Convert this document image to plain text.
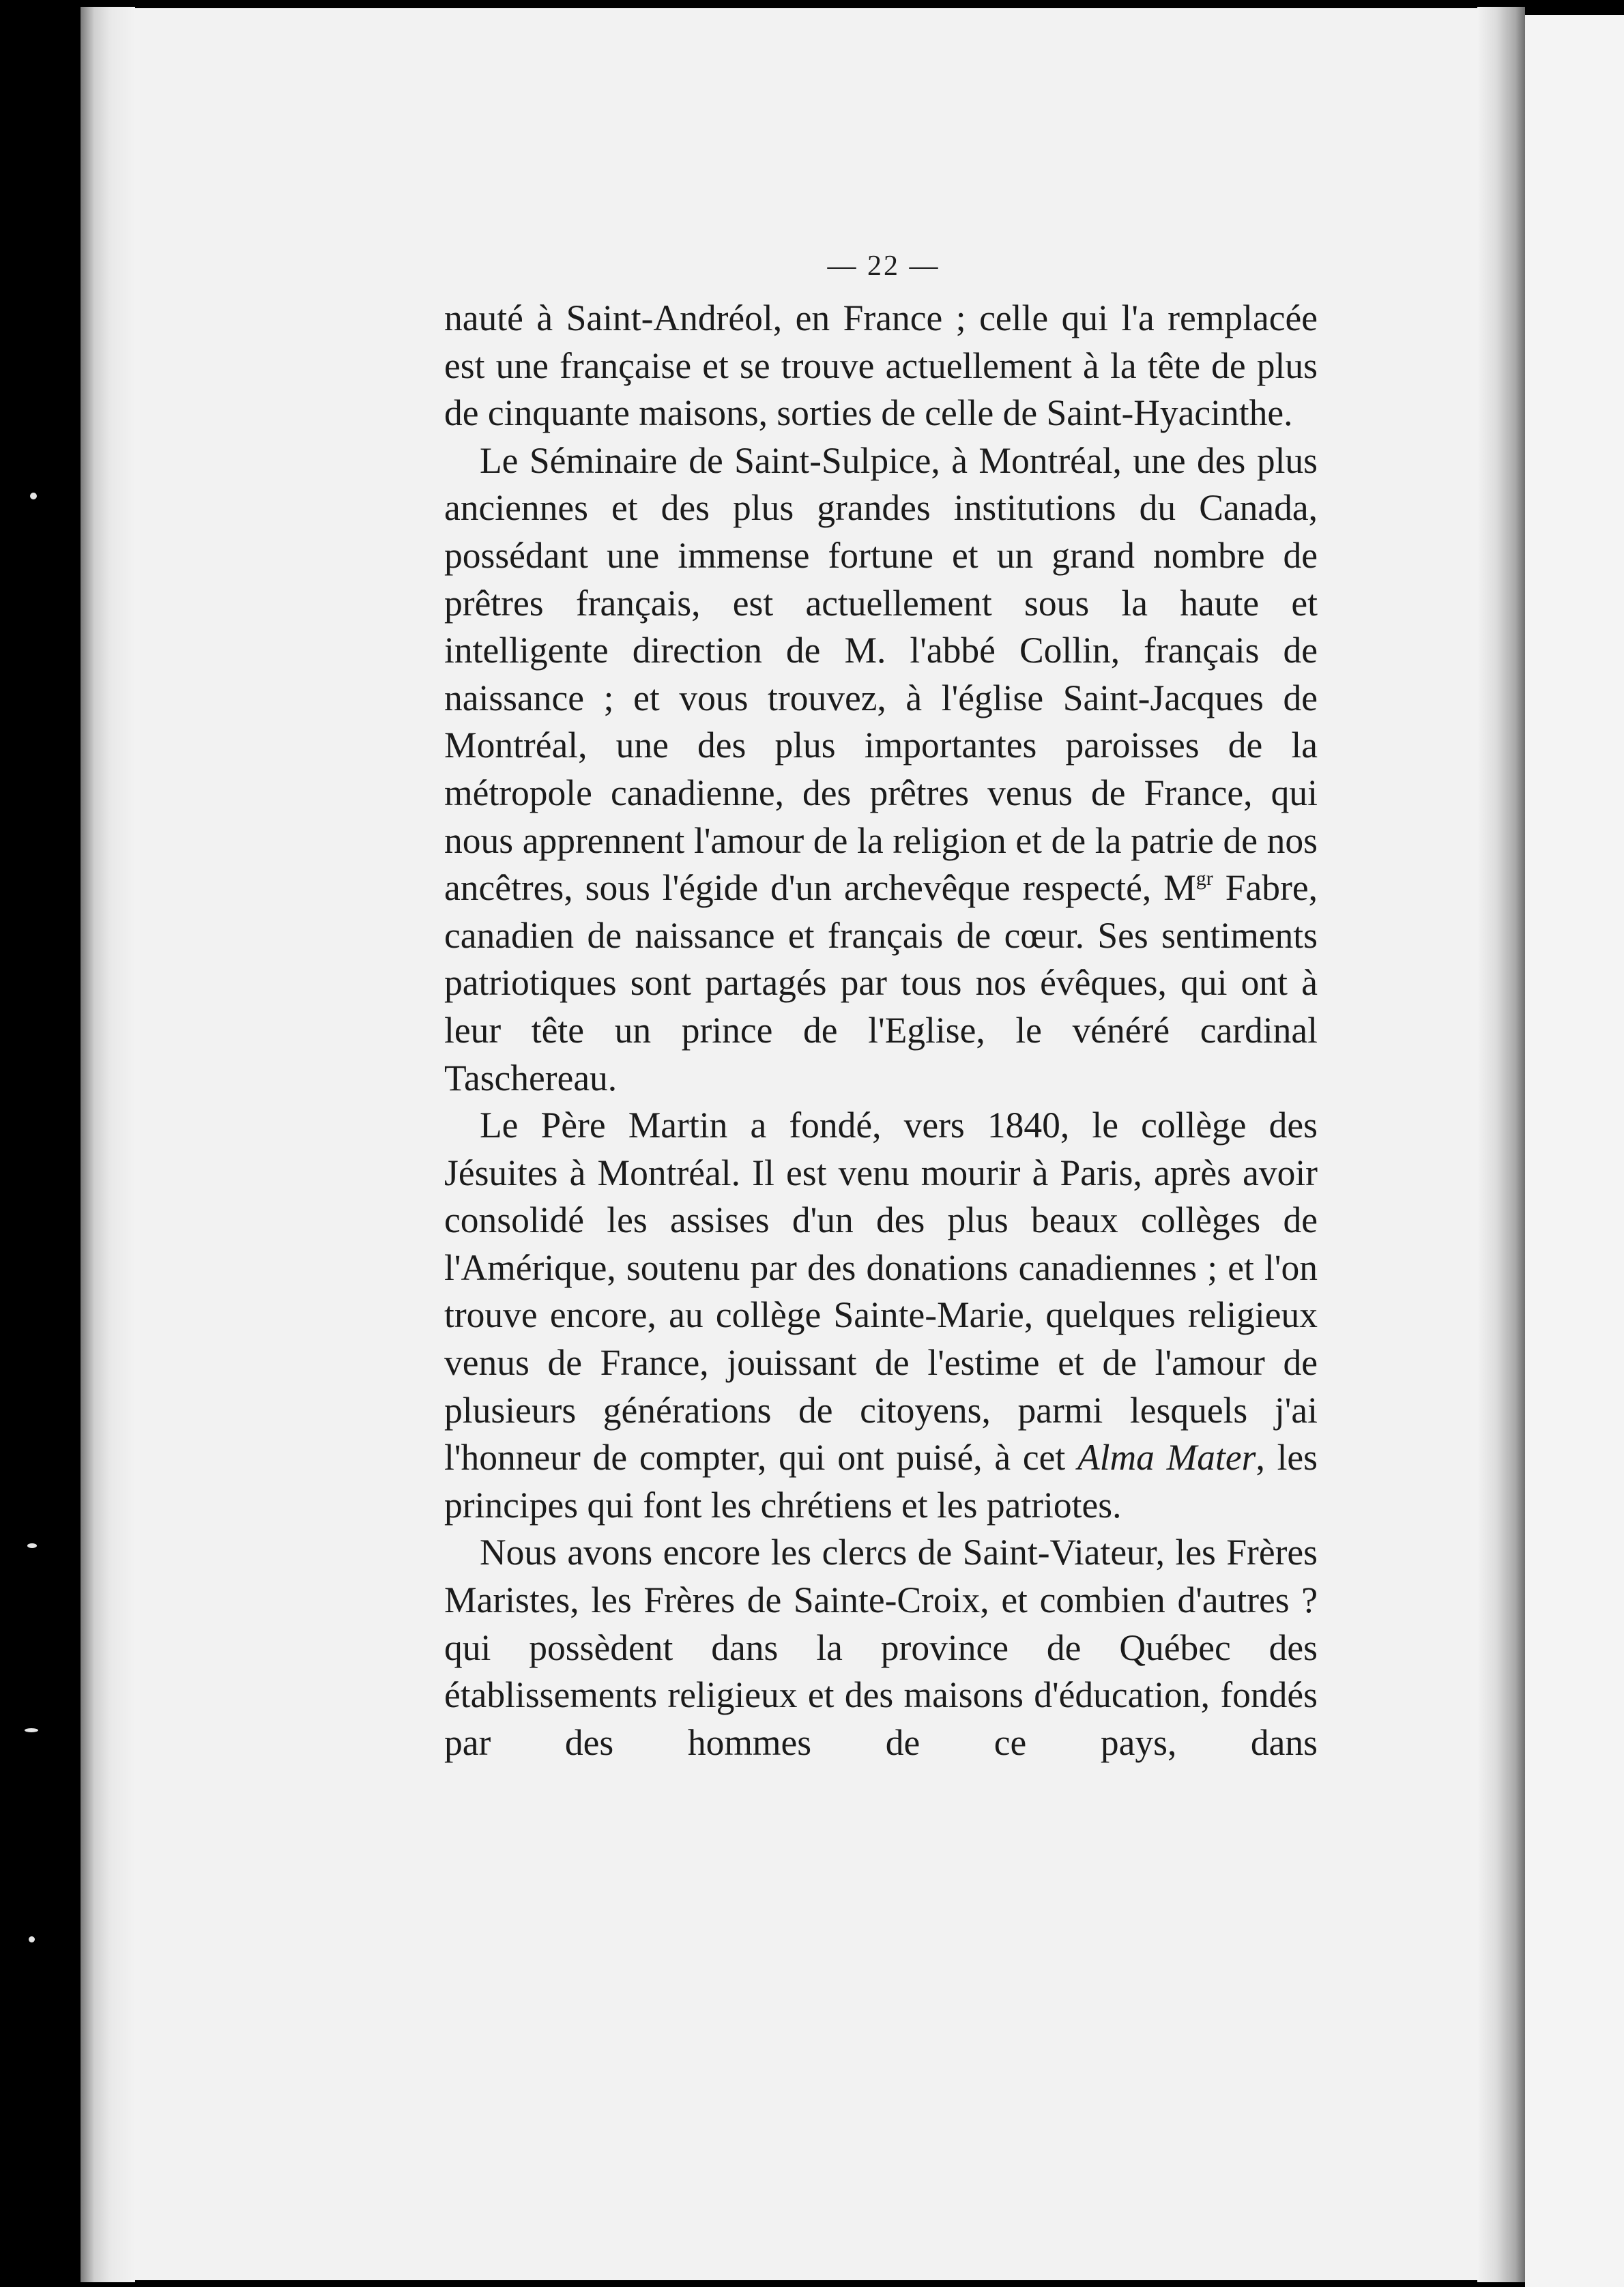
— 22 —

nauté à Saint-Andréol, en France ; celle qui l'a remplacée est une française et se trouve actuellement à la tête de plus de cinquante maisons, sorties de celle de Saint-Hyacinthe.

Le Séminaire de Saint-Sulpice, à Montréal, une des plus anciennes et des plus grandes institutions du Canada, possédant une immense fortune et un grand nombre de prêtres français, est actuellement sous la haute et intelligente direction de M. l'abbé Collin, français de naissance ; et vous trouvez, à l'église Saint-Jacques de Montréal, une des plus importantes paroisses de la métropole canadienne, des prêtres venus de France, qui nous apprennent l'amour de la religion et de la patrie de nos ancêtres, sous l'égide d'un archevêque respecté, $M^{gr}$ Fabre, canadien de naissance et français de cœur. Ses sentiments patriotiques sont partagés par tous nos évêques, qui ont à leur tête un prince de l'Eglise, le vénéré cardinal Taschereau.

Le Père Martin a fondé, vers 1840, le collège des Jésuites à Montréal. Il est venu mourir à Paris, après avoir consolidé les assises d'un des plus beaux collèges de l'Amérique, soutenu par des donations canadiennes ; et l'on trouve encore, au collège Sainte-Marie, quelques religieux venus de France, jouissant de l'estime et de l'amour de plusieurs générations de citoyens, parmi lesquels j'ai l'honneur de compter, qui ont puisé, à cet Alma Mater, les principes qui font les chrétiens et les patriotes.

Nous avons encore les clercs de Saint-Viateur, les Frères Maristes, les Frères de Sainte-Croix, et combien d'autres ? qui possèdent dans la province de Québec des établissements religieux et des maisons d'éducation, fondés par des hommes de ce pays, dans
